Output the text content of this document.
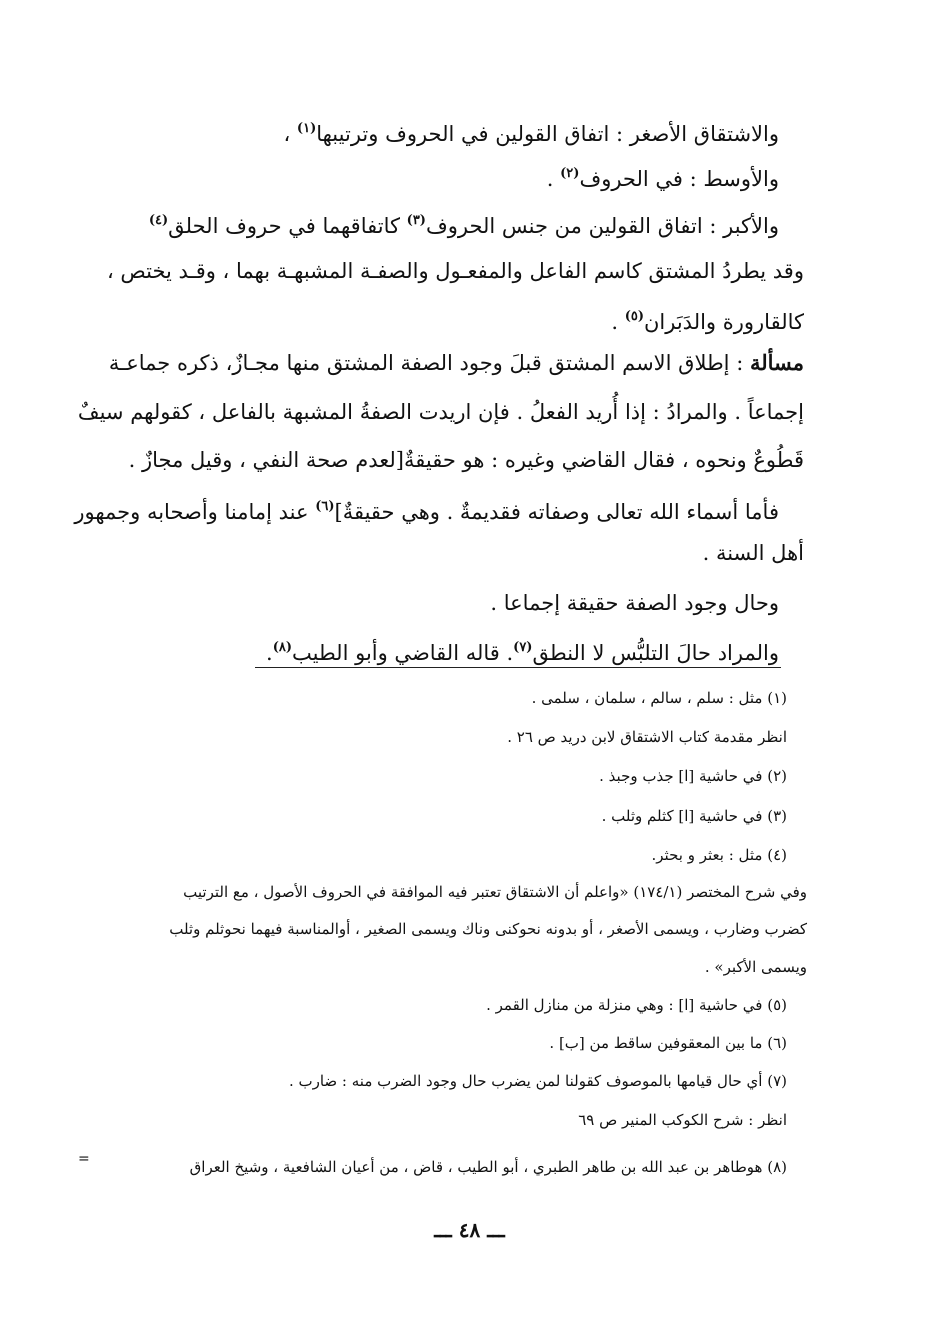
والاشتقاق الأصغر : اتفاق القولين في الحروف وترتيبها$^{(١)}$ ،
والأوسط : في الحروف$^{(٢)}$ .
والأكبر : اتفاق القولين من جنس الحروف$^{(٣)}$ كاتفاقهما في حروف الحلق$^{(٤)}$
وقد يطردُ المشتق كاسم الفاعل والمفعـول والصفـة المشبهـة بهما ، وقـد يختص ،
كالقارورة والدَبَران$^{(٥)}$ .
مسألة : إطلاق الاسم المشتق قبلَ وجود الصفة المشتق منها مجـازٌ، ذكره جماعـة
إجماعاً . والمرادُ : إذا أُريد الفعلُ . فإن اريدت الصفةُ المشبهة بالفاعل ، كقولهم سيفٌ
قَطُوعٌ ونحوه ، فقال القاضي وغيره : هو حقيقةٌ[لعدم صحة النفي ، وقيل مجازٌ .
فأما أسماء الله تعالى وصفاته فقديمةٌ . وهي حقيقةٌ]$^{(٦)}$ عند إمامنا وأصحابه وجمهور
أهل السنة .
وحال وجود الصفة حقيقة إجماعا .
والمراد حالَ التلبُّس لا النطق$^{(٧)}$. قاله القاضي وأبو الطيب$^{(٨)}$.
(١) مثل : سلم ، سالم ، سلمان ، سلمى .
انظر مقدمة كتاب الاشتقاق لابن دريد ص ٢٦ .
(٢) في حاشية [ا] جذب وجبذ .
(٣) في حاشية [ا] كثلم وثلب .
(٤) مثل : بعثر و بحثر.
وفي شرح المختصر (١٧٤/١) «واعلم أن الاشتقاق تعتبر فيه الموافقة في الحروف الأصول ، مع الترتيب
كضرب وضارب ، ويسمى الأصغر ، أو بدونه نحوكنى وناك ويسمى الصغير ، أوالمناسبة فيهما نحوثلم وثلب
ويسمى الأكبر» .
(٥) في حاشية [ا] : وهي منزلة من منازل القمر .
(٦) ما بين المعقوفين ساقط من [ب] .
(٧) أي حال قيامها بالموصوف كقولنا لمن يضرب حال وجود الضرب منه : ضارب .
انظر : شرح الكوكب المنير ص ٦٩
(٨) هوطاهر بن عبد الله بن طاهر الطبري ، أبو الطيب ، قاض ، من أعيان الشافعية ، وشيخ العراق
=
ـــ ٤٨ ـــ
